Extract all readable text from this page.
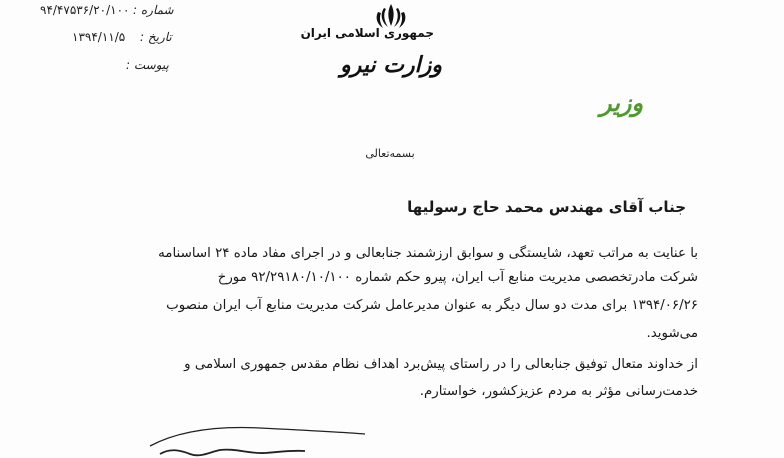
شماره :
۹۴/۴۷۵۳۶/۲۰/۱۰۰
تاریخ :
۱۳۹۴/۱۱/۵
پیوست :
جمهوری اسلامی ایران
وزارت نیرو
وزیر
بسمه‌تعالی
جناب آقای مهندس محمد حاج رسولیها
با عنایت به مراتب تعهد، شایستگی و سوابق ارزشمند جنابعالی و در اجرای مفاد ماده ۲۴ اساسنامه
شرکت مادرتخصصی مدیریت منابع آب ایران، پیرو حکم شماره ۹۲/۲۹۱۸۰/۱۰/۱۰۰ مورخ
۱۳۹۴/۰۶/۲۶ برای مدت دو سال دیگر به عنوان مدیرعامل شرکت مدیریت منابع آب ایران منصوب
می‌شوید.
از خداوند متعال توفیق جنابعالی را در راستای پیش‌برد اهداف نظام مقدس جمهوری اسلامی و
خدمت‌رسانی مؤثر به مردم عزیزکشور، خواستارم.
